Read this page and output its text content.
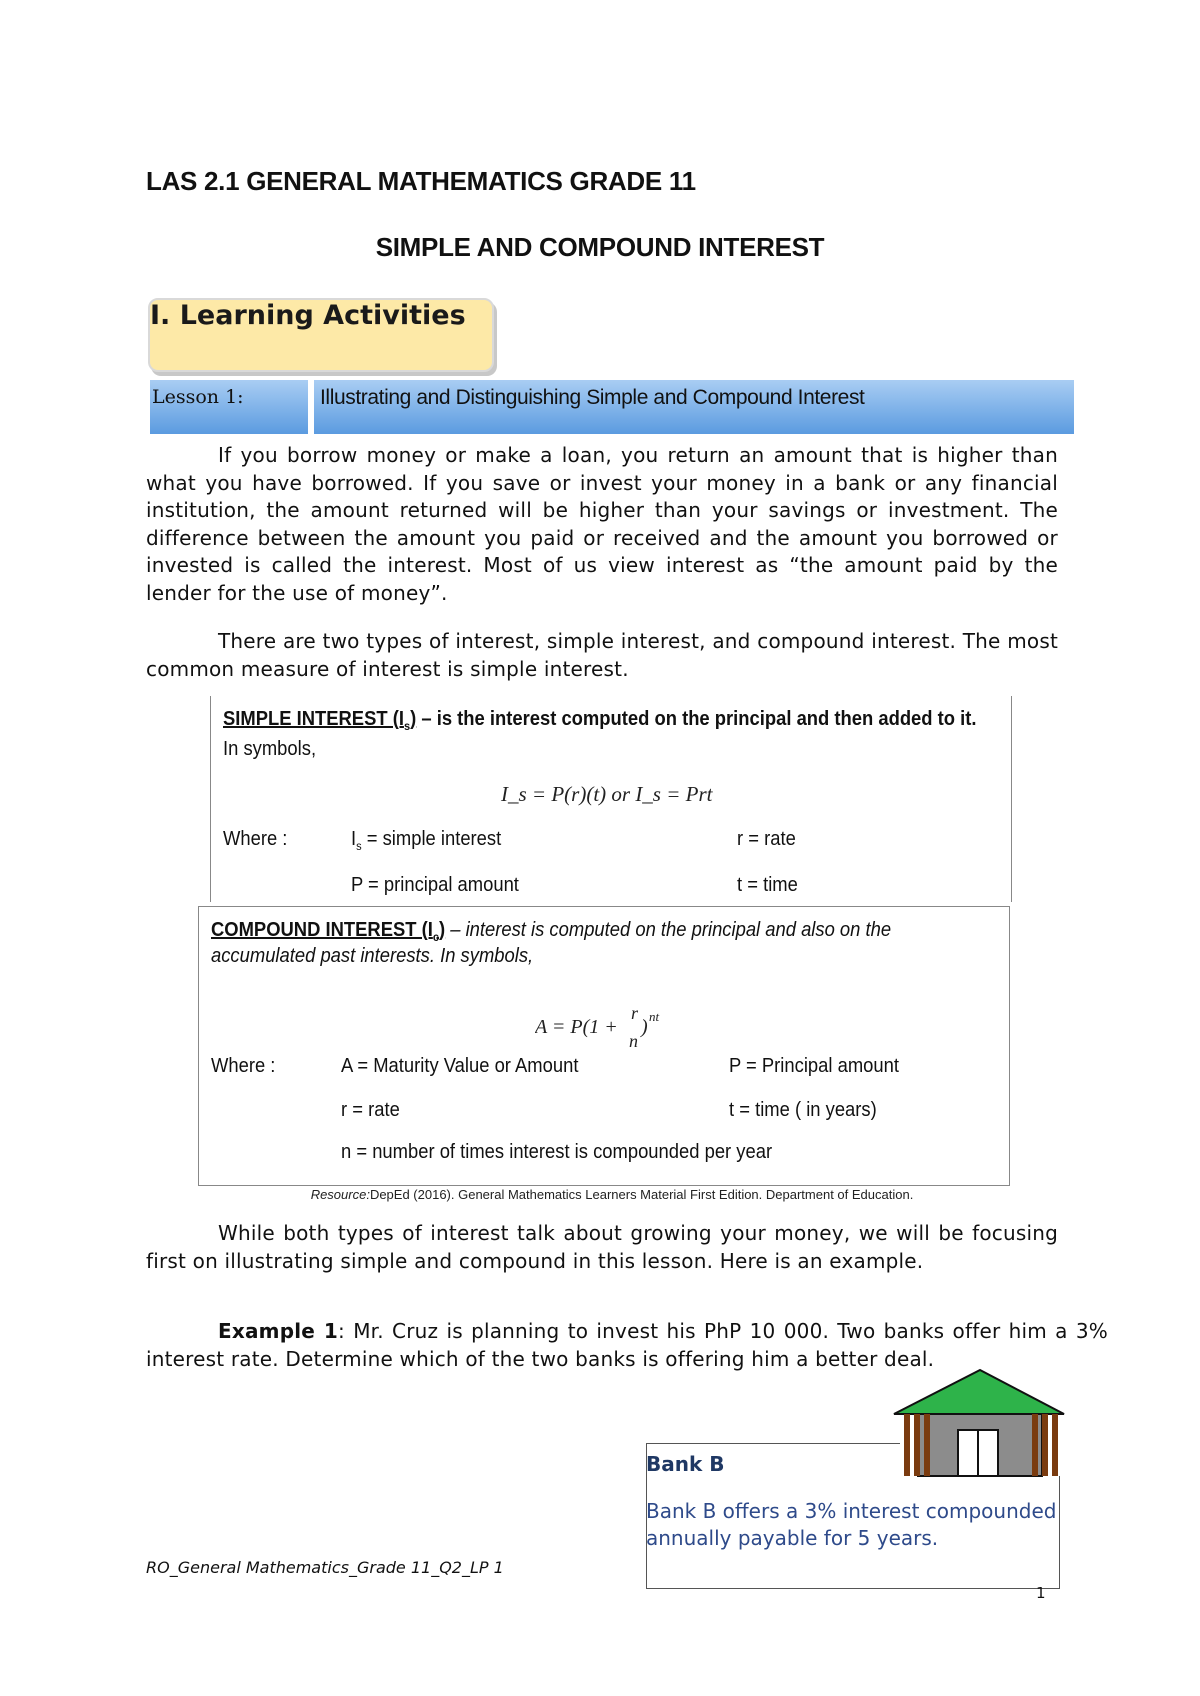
LAS 2.1 GENERAL MATHEMATICS GRADE 11
SIMPLE AND COMPOUND INTEREST
I. Learning Activities
Lesson 1:	Illustrating and Distinguishing Simple and Compound Interest
If you borrow money or make a loan, you return an amount that is higher than what you have borrowed. If you save or invest your money in a bank or any financial institution, the amount returned will be higher than your savings or investment. The difference between the amount you paid or received and the amount you borrowed or invested is called the interest. Most of us view interest as “the amount paid by the lender for the use of money”.
There are two types of interest, simple interest, and compound interest. The most common measure of interest is simple interest.
SIMPLE INTEREST $(I_s)$ – is the interest computed on the principal and then added to it.
In symbols,
I_s = P(r)(t) or I_s = Prt
Where :	$I_s$ = simple interest	r = rate
P = principal amount	t = time
COMPOUND INTEREST $(I_c)$ – interest is computed on the principal and also on the
accumulated past interests. In symbols,
A = P(1 +
r
n
) nt
Where :	A = Maturity Value or Amount	P = Principal amount
r = rate	t = time ( in years)
n = number of times interest is compounded per year
Resource:DepEd (2016). General Mathematics Learners Material First Edition. Department of Education.
While both types of interest talk about growing your money, we will be focusing first on illustrating simple and compound in this lesson. Here is an example.
Example 1: Mr. Cruz is planning to invest his PhP 10 000. Two banks offer him a 3% interest rate. Determine which of the two banks is offering him a better deal.
Bank B
Bank B offers a 3% interest compounded annually payable for 5 years.
RO_General Mathematics_Grade 11_Q2_LP 1
1
